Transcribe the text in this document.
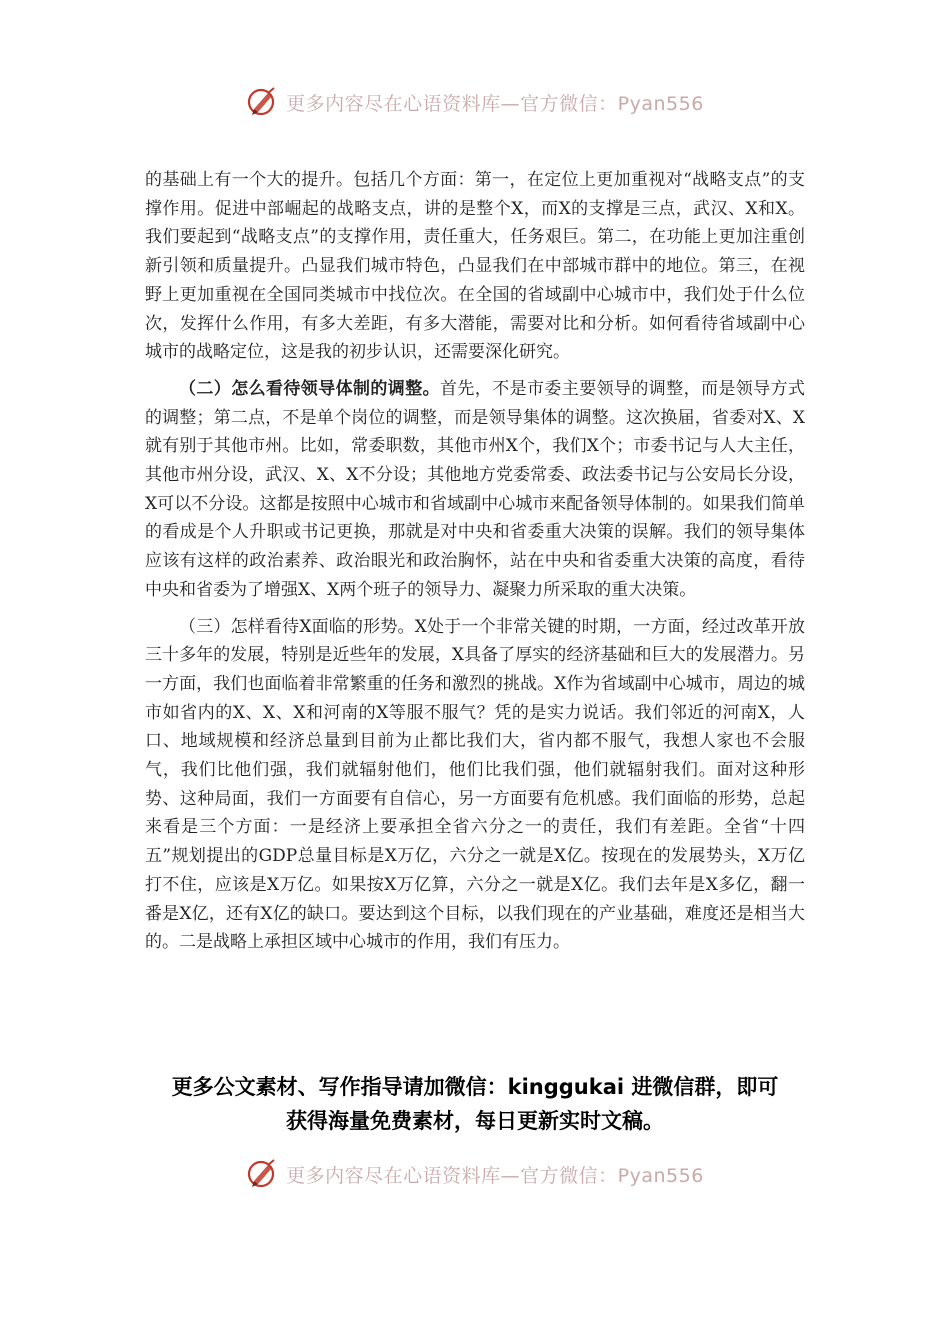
更多内容尽在心语资料库—官方微信：Pyan556

的基础上有一个大的提升。包括几个方面：第一，在定位上更加重视对“战略支点”的支撑作用。促进中部崛起的战略支点，讲的是整个X，而X的支撑是三点，武汉、X和X。我们要起到“战略支点”的支撑作用，责任重大，任务艰巨。第二，在功能上更加注重创新引领和质量提升。凸显我们城市特色，凸显我们在中部城市群中的地位。第三，在视野上更加重视在全国同类城市中找位次。在全国的省域副中心城市中，我们处于什么位次，发挥什么作用，有多大差距，有多大潜能，需要对比和分析。如何看待省域副中心城市的战略定位，这是我的初步认识，还需要深化研究。

（二）怎么看待领导体制的调整。首先，不是市委主要领导的调整，而是领导方式的调整；第二点，不是单个岗位的调整，而是领导集体的调整。这次换届，省委对X、X就有别于其他市州。比如，常委职数，其他市州X个，我们X个；市委书记与人大主任，其他市州分设，武汉、X、X不分设；其他地方党委常委、政法委书记与公安局长分设，X可以不分设。这都是按照中心城市和省域副中心城市来配备领导体制的。如果我们简单的看成是个人升职或书记更换，那就是对中央和省委重大决策的误解。我们的领导集体应该有这样的政治素养、政治眼光和政治胸怀，站在中央和省委重大决策的高度，看待中央和省委为了增强X、X两个班子的领导力、凝聚力所采取的重大决策。

（三）怎样看待X面临的形势。X处于一个非常关键的时期，一方面，经过改革开放三十多年的发展，特别是近些年的发展，X具备了厚实的经济基础和巨大的发展潜力。另一方面，我们也面临着非常繁重的任务和激烈的挑战。X作为省域副中心城市，周边的城市如省内的X、X、X和河南的X等服不服气？凭的是实力说话。我们邻近的河南X，人口、地域规模和经济总量到目前为止都比我们大，省内都不服气，我想人家也不会服气，我们比他们强，我们就辐射他们，他们比我们强，他们就辐射我们。面对这种形势、这种局面，我们一方面要有自信心，另一方面要有危机感。我们面临的形势，总起来看是三个方面：一是经济上要承担全省六分之一的责任，我们有差距。全省“十四五”规划提出的GDP总量目标是X万亿，六分之一就是X亿。按现在的发展势头，X万亿打不住，应该是X万亿。如果按X万亿算，六分之一就是X亿。我们去年是X多亿，翻一番是X亿，还有X亿的缺口。要达到这个目标，以我们现在的产业基础，难度还是相当大的。二是战略上承担区域中心城市的作用，我们有压力。

更多公文素材、写作指导请加微信：kinggukai 进微信群，即可
获得海量免费素材，每日更新实时文稿。
更多内容尽在心语资料库—官方微信：Pyan556
